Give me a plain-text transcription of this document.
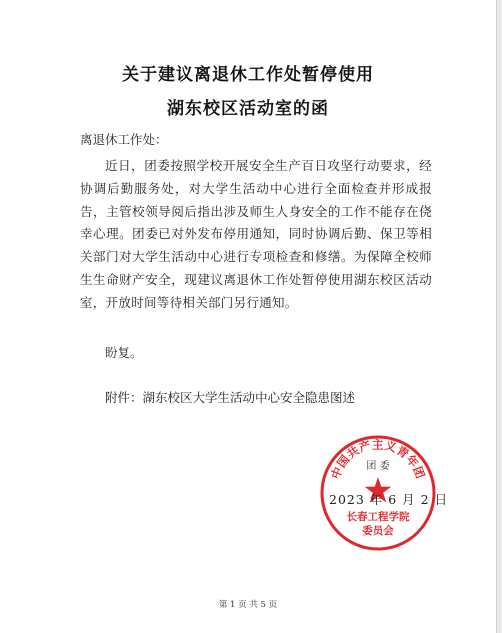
关于建议离退休工作处暂停使用
湖东校区活动室的函
离退休工作处：

近日，团委按照学校开展安全生产百日攻坚行动要求，经协调后勤服务处，对大学生活动中心进行全面检查并形成报告，主管校领导阅后指出涉及师生人身安全的工作不能存在侥幸心理。团委已对外发布停用通知，同时协调后勤、保卫等相关部门对大学生活动中心进行专项检查和修缮。为保障全校师生生命财产安全，现建议离退休工作处暂停使用湖东校区活动室，开放时间等待相关部门另行通知。

盼复。
附件：湖东校区大学生活动中心安全隐患图述
中国共产主义青年团
团 委
长春工程学院
委员会
2023 年 6 月 2 日
第 1 页 共 5 页
